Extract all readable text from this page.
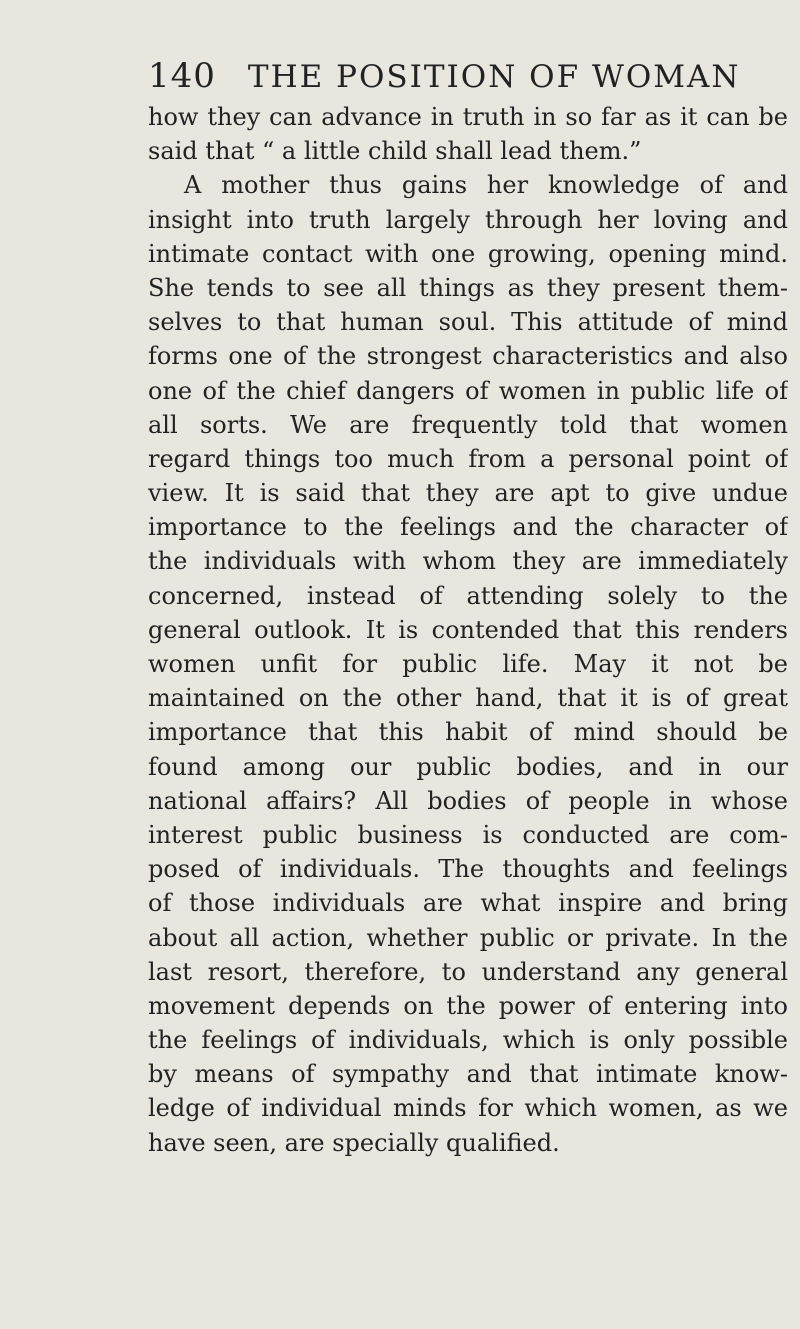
140 THE POSITION OF WOMAN
how they can advance in truth in so far as it can be
said that “ a little child shall lead them.”
A mother thus gains her knowledge of and
insight into truth largely through her loving and
intimate contact with one growing, opening mind.
She tends to see all things as they present them-
selves to that human soul. This attitude of mind
forms one of the strongest characteristics and also
one of the chief dangers of women in public life of
all sorts. We are frequently told that women
regard things too much from a personal point of
view. It is said that they are apt to give undue
importance to the feelings and the character of
the individuals with whom they are immediately
concerned, instead of attending solely to the
general outlook. It is contended that this renders
women unfit for public life. May it not be
maintained on the other hand, that it is of great
importance that this habit of mind should be
found among our public bodies, and in our
national affairs? All bodies of people in whose
interest public business is conducted are com-
posed of individuals. The thoughts and feelings
of those individuals are what inspire and bring
about all action, whether public or private. In the
last resort, therefore, to understand any general
movement depends on the power of entering into
the feelings of individuals, which is only possible
by means of sympathy and that intimate know-
ledge of individual minds for which women, as we
have seen, are specially qualified.
